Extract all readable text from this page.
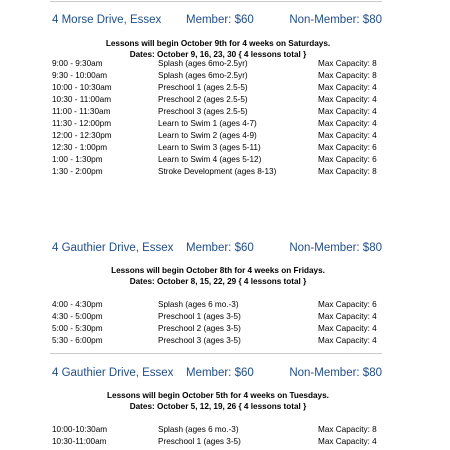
4 Morse Drive, Essex Member: $60	Non-Member: $80
Lessons will begin October 9th for 4 weeks on Saturdays.
Dates: October 9, 16, 23, 30 { 4 lessons total }
9:00 - 9:30am	Splash (ages 6mo-2.5yr)	Max Capacity: 8
9:30 - 10:00am	Splash (ages 6mo-2.5yr)	Max Capacity: 8
10:00 - 10:30am	Preschool 1 (ages 2.5-5)	Max Capacity: 4
10:30 - 11:00am	Preschool 2 (ages 2.5-5)	Max Capacity: 4
11:00 - 11:30am	Preschool 3 (ages 2.5-5)	Max Capacity: 4
11:30 - 12:00pm	Learn to Swim 1 (ages 4-7)	Max Capacity: 4
12:00 - 12:30pm	Learn to Swim 2 (ages 4-9)	Max Capacity: 4
12:30 - 1:00pm	Learn to Swim 3 (ages 5-11)	Max Capacity: 6
1:00 - 1:30pm	Learn to Swim 4 (ages 5-12)	Max Capacity: 6
1:30 - 2:00pm	Stroke Development (ages 8-13)	Max Capacity: 8
4 Gauthier Drive, Essex Member: $60	Non-Member: $80
Lessons will begin October 8th for 4 weeks on Fridays.
Dates: October 8, 15, 22, 29 { 4 lessons total }
4:00 - 4:30pm	Splash (ages 6 mo.-3)	Max Capacity: 6
4:30 - 5:00pm	Preschool 1 (ages 3-5)	Max Capacity: 4
5:00 - 5:30pm	Preschool 2 (ages 3-5)	Max Capacity: 4
5:30 - 6:00pm	Preschool 3 (ages 3-5)	Max Capacity: 4
4 Gauthier Drive, Essex Member: $60	Non-Member: $80
Lessons will begin October 5th for 4 weeks on Tuesdays.
Dates: October 5, 12, 19, 26 { 4 lessons total }
10:00-10:30am	Splash (ages 6 mo.-3)	Max Capacity: 8
10:30-11:00am	Preschool 1 (ages 3-5)	Max Capacity: 4
